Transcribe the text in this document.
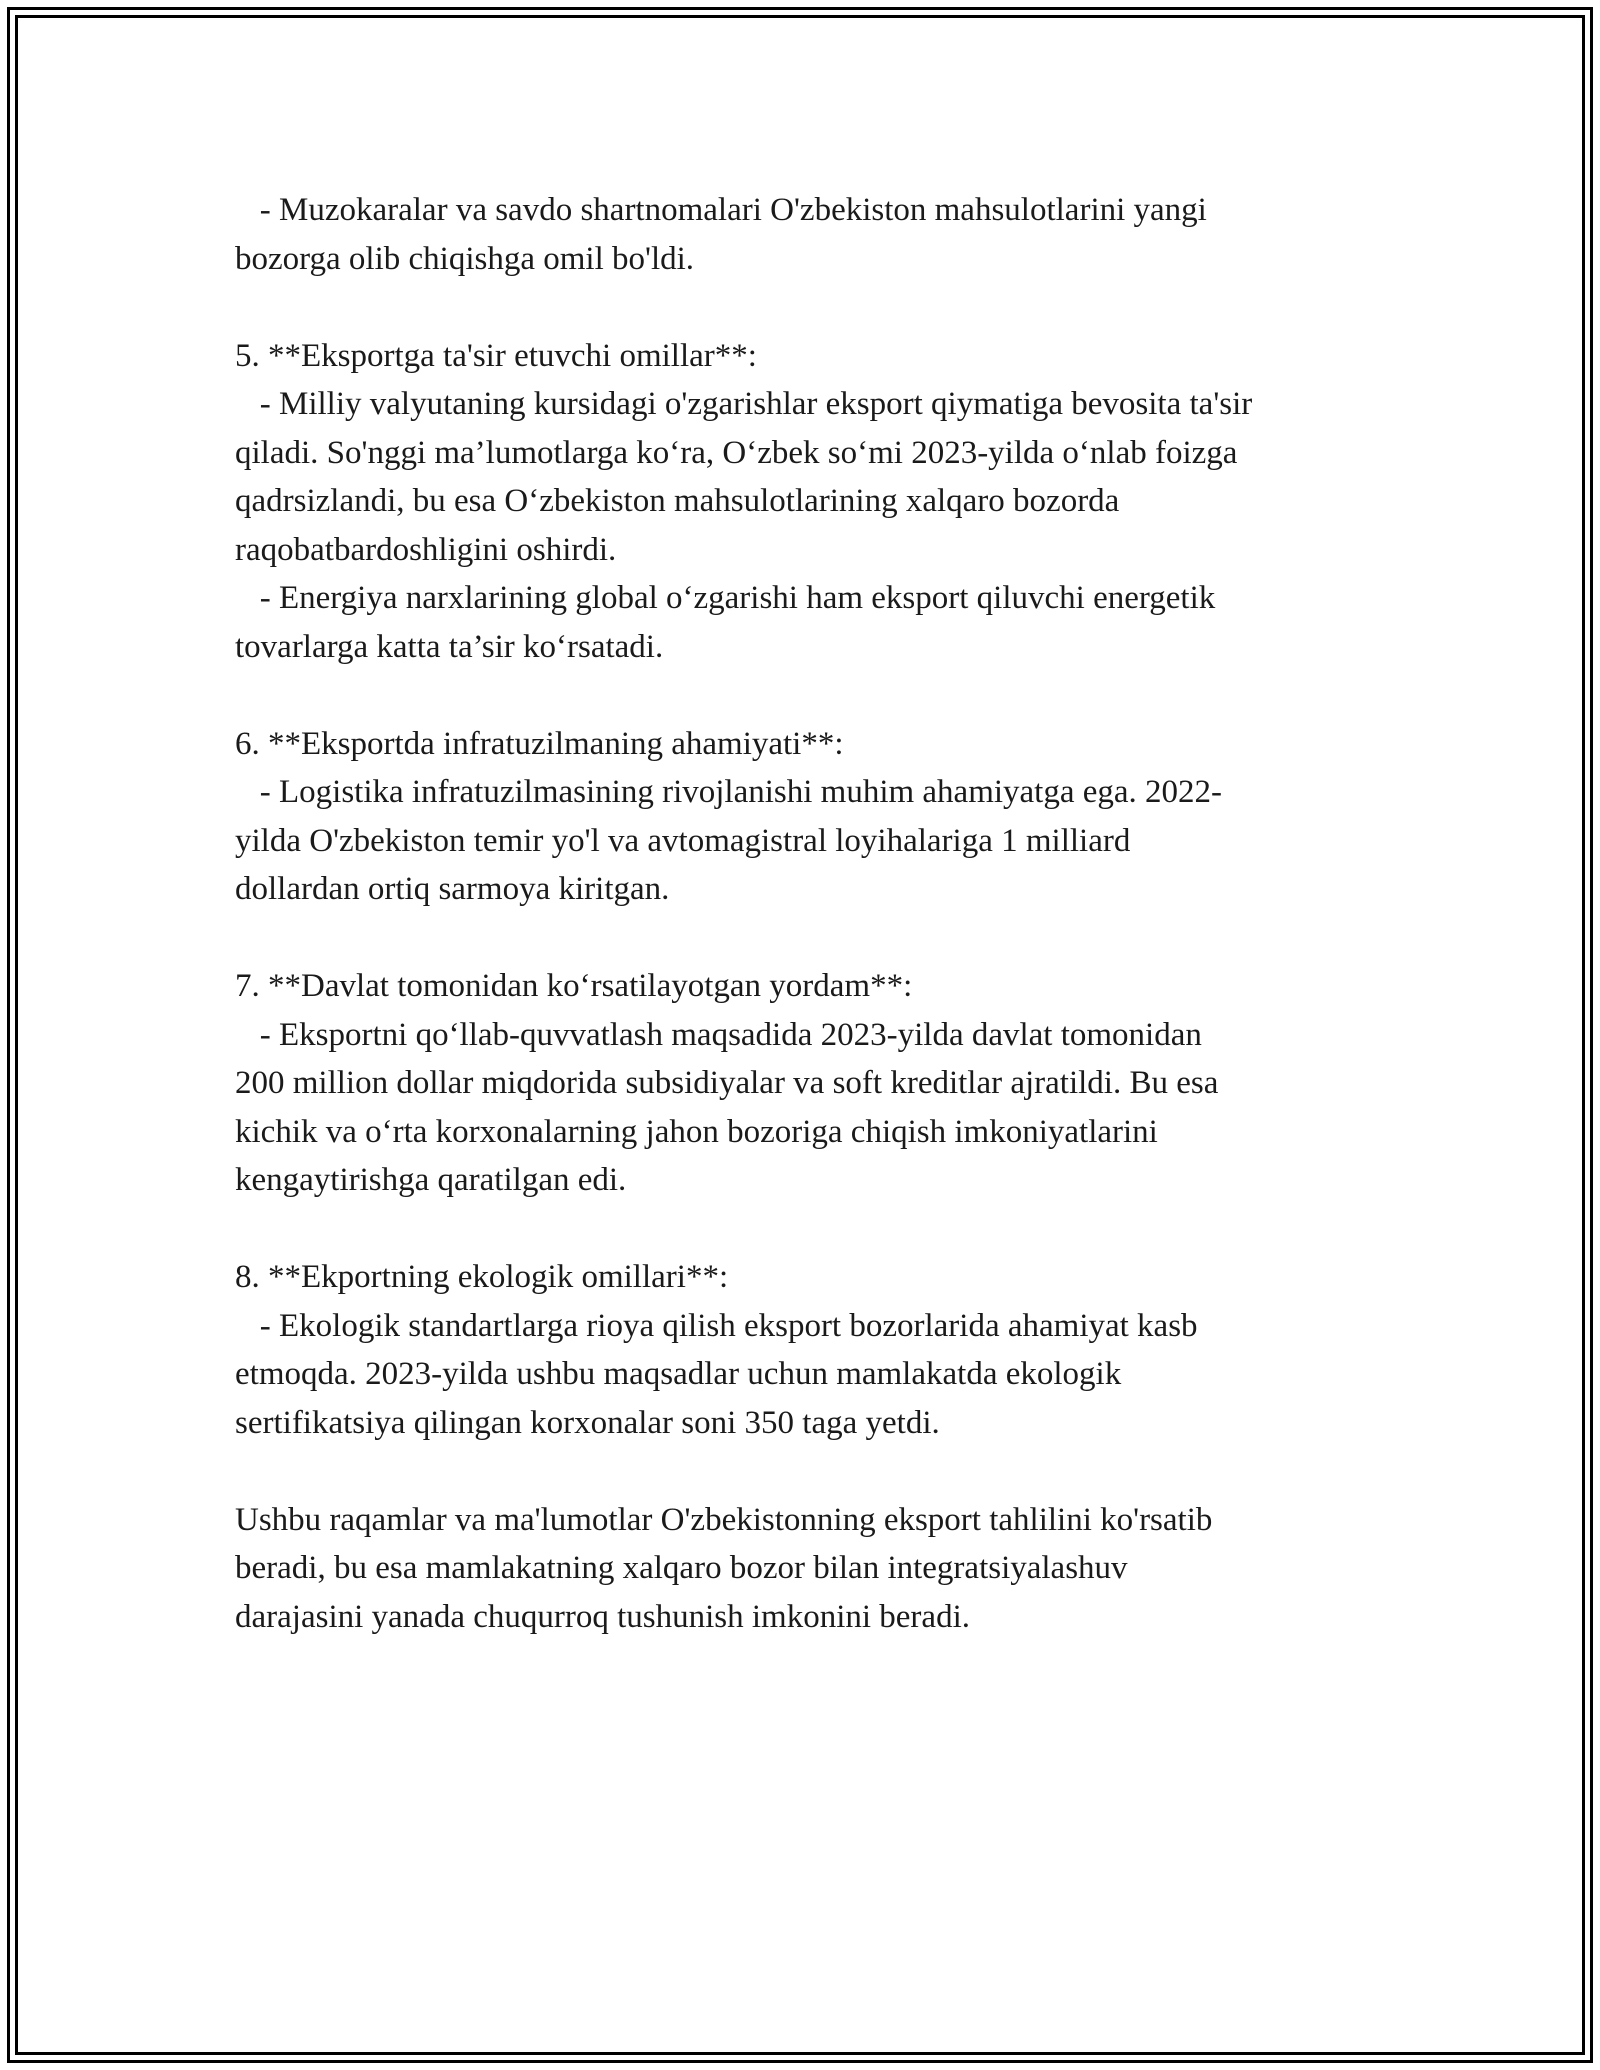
- Muzokaralar va savdo shartnomalari O'zbekiston mahsulotlarini yangi
bozorga olib chiqishga omil bo'ldi.
5. **Eksportga ta'sir etuvchi omillar**:
- Milliy valyutaning kursidagi o'zgarishlar eksport qiymatiga bevosita ta'sir
qiladi. So'nggi ma’lumotlarga ko‘ra, O‘zbek so‘mi 2023-yilda o‘nlab foizga
qadrsizlandi, bu esa O‘zbekiston mahsulotlarining xalqaro bozorda
raqobatbardoshligini oshirdi.
- Energiya narxlarining global o‘zgarishi ham eksport qiluvchi energetik
tovarlarga katta ta’sir ko‘rsatadi.
6. **Eksportda infratuzilmaning ahamiyati**:
- Logistika infratuzilmasining rivojlanishi muhim ahamiyatga ega. 2022-
yilda O'zbekiston temir yo'l va avtomagistral loyihalariga 1 milliard
dollardan ortiq sarmoya kiritgan.
7. **Davlat tomonidan ko‘rsatilayotgan yordam**:
- Eksportni qo‘llab-quvvatlash maqsadida 2023-yilda davlat tomonidan
200 million dollar miqdorida subsidiyalar va soft kreditlar ajratildi. Bu esa
kichik va o‘rta korxonalarning jahon bozoriga chiqish imkoniyatlarini
kengaytirishga qaratilgan edi.
8. **Ekportning ekologik omillari**:
- Ekologik standartlarga rioya qilish eksport bozorlarida ahamiyat kasb
etmoqda. 2023-yilda ushbu maqsadlar uchun mamlakatda ekologik
sertifikatsiya qilingan korxonalar soni 350 taga yetdi.
Ushbu raqamlar va ma'lumotlar O'zbekistonning eksport tahlilini ko'rsatib
beradi, bu esa mamlakatning xalqaro bozor bilan integratsiyalashuv
darajasini yanada chuqurroq tushunish imkonini beradi.
